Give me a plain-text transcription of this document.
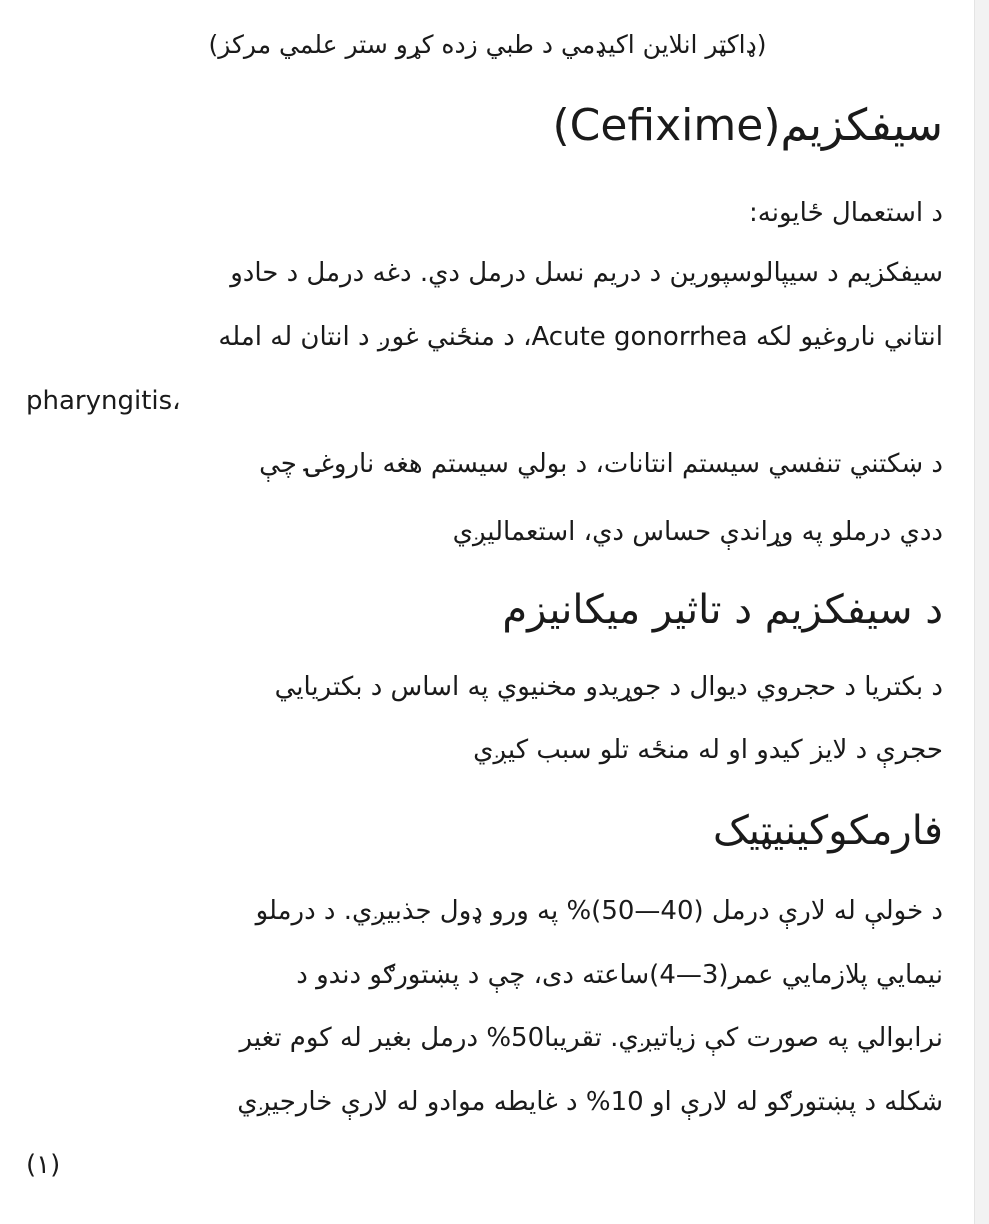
(ډاکټر انلاین اکیډمي د طبي زده کړو ستر علمي مرکز)
سیفکزیم(Cefixime)
د استعمال ځایونه:
سیفکزیم د سیپالوسپورین د دریم نسل درمل دي. دغه درمل د حادو
انتاني ناروغیو لکه Acute gonorrhea، د منځني غوږ د انتان له امله
pharyngitis،
د ښکتني تنفسي سیستم انتانات، د بولي سیستم هغه ناروغۍ چې
ددي درملو په وړاندې حساس دي، استعمالیږي
د سیفکزیم د تاثیر میکانیزم
د بکتریا د حجروي دیوال د جوړیدو مخنیوي په اساس د بکتریایي
حجرې د لایز کیدو او له منځه تلو سبب کیږي
فارمکوکینیټیک
د خولې له لارې درمل (40—50)% په ورو ډول جذبیږي. د درملو
نیمایي پلازمایي عمر(3—4)ساعته دی، چې د پښتورګو دندو د
نرابوالي په صورت کې زیاتیږي. تقریبا50% درمل بغیر له کوم تغیر
شکله د پښتورګو له لارې او 10% د غایطه موادو له لارې خارجیږي
(۱)
